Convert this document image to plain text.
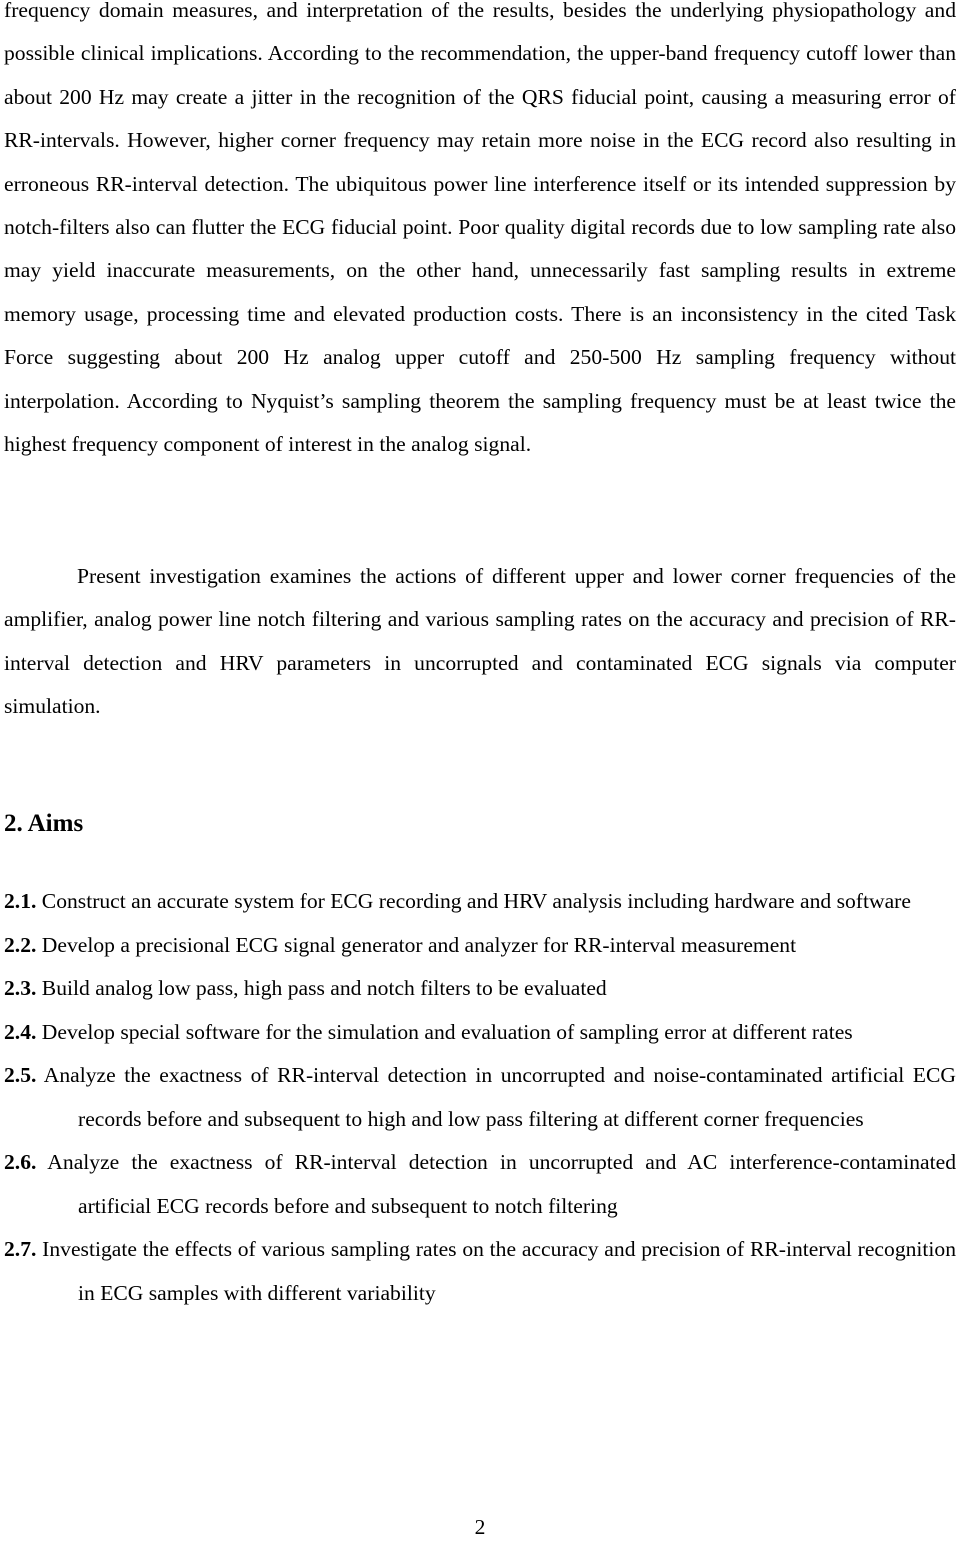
frequency domain measures, and interpretation of the results, besides the underlying physiopathology and possible clinical implications. According to the recommendation, the upper-band frequency cutoff lower than about 200 Hz may create a jitter in the recognition of the QRS fiducial point, causing a measuring error of RR-intervals. However, higher corner frequency may retain more noise in the ECG record also resulting in erroneous RR-interval detection. The ubiquitous power line interference itself or its intended suppression by notch-filters also can flutter the ECG fiducial point. Poor quality digital records due to low sampling rate also may yield inaccurate measurements, on the other hand, unnecessarily fast sampling results in extreme memory usage, processing time and elevated production costs. There is an inconsistency in the cited Task Force suggesting about 200 Hz analog upper cutoff and 250-500 Hz sampling frequency without interpolation. According to Nyquist’s sampling theorem the sampling frequency must be at least twice the highest frequency component of interest in the analog signal.

Present investigation examines the actions of different upper and lower corner frequencies of the amplifier, analog power line notch filtering and various sampling rates on the accuracy and precision of RR-interval detection and HRV parameters in uncorrupted and contaminated ECG signals via computer simulation.

2. Aims
2.1. Construct an accurate system for ECG recording and HRV analysis including hardware and software
2.2. Develop a precisional ECG signal generator and analyzer for RR-interval measurement
2.3. Build analog low pass, high pass and notch filters to be evaluated
2.4. Develop special software for the simulation and evaluation of sampling error at different rates
2.5. Analyze the exactness of RR-interval detection in uncorrupted and noise-contaminated artificial ECG records before and subsequent to high and low pass filtering at different corner frequencies
2.6. Analyze the exactness of RR-interval detection in uncorrupted and AC interference-contaminated artificial ECG records before and subsequent to notch filtering
2.7. Investigate the effects of various sampling rates on the accuracy and precision of RR-interval recognition in ECG samples with different variability
2
